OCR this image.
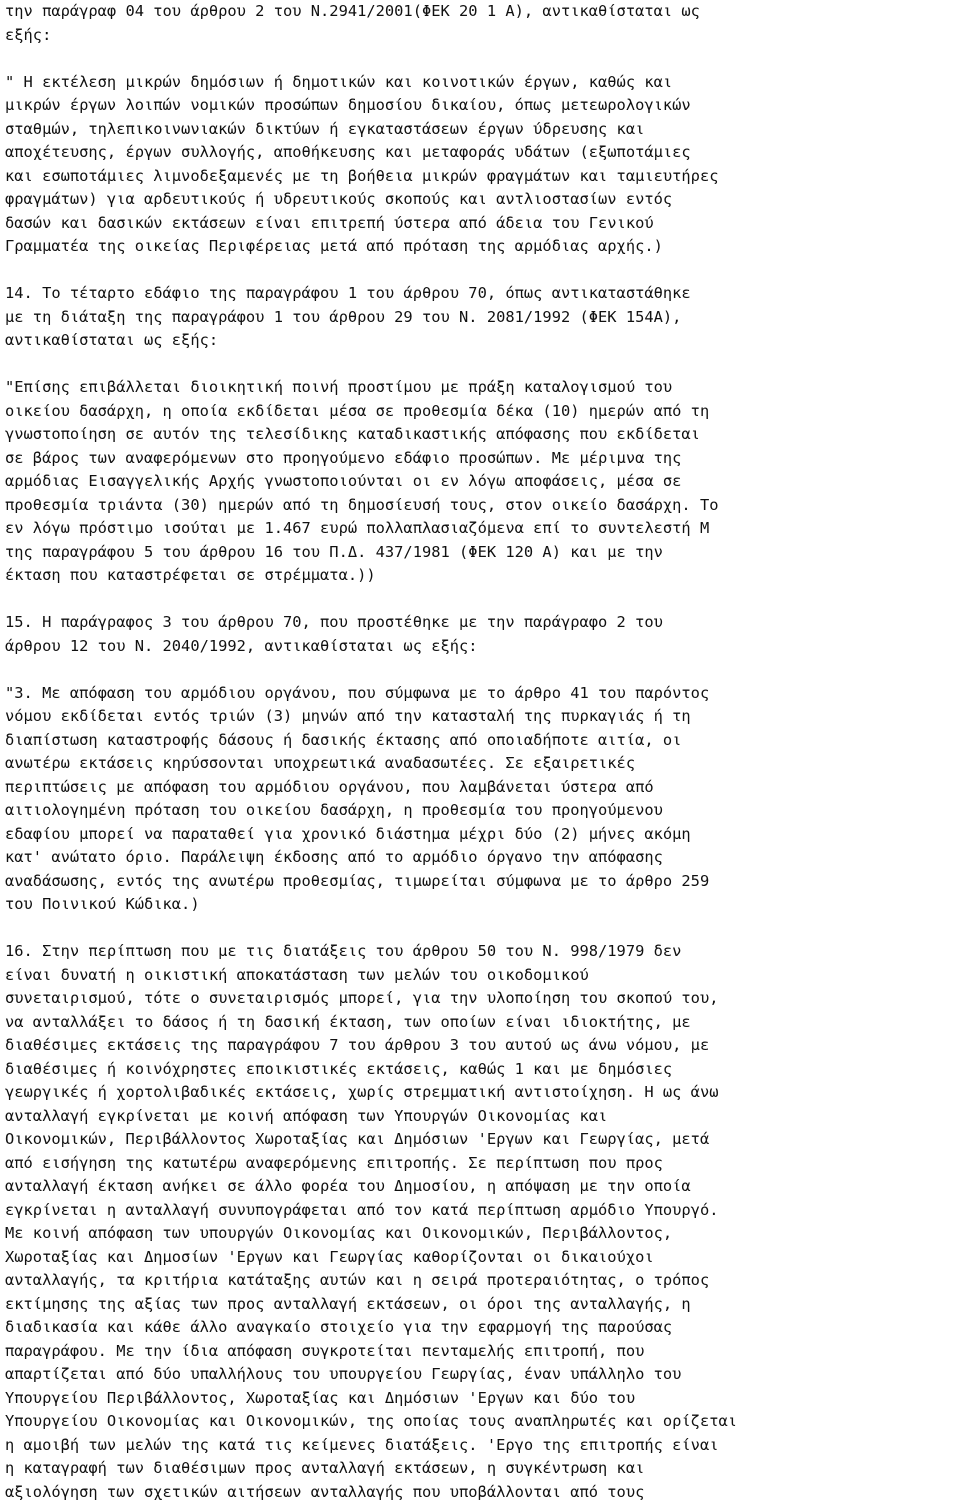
την παράγραφ 04 του άρθρου 2 του Ν.2941/2001(ΦΕΚ 20 1 Α), αντικαθίσταται ως
εξής:
" Η εκτέλεση μικρών δημόσιων ή δημοτικών και κοινοτικών έργων, καθώς και
μικρών έργων λοιπών νομικών προσώπων δημοσίου δικαίου, όπως μετεωρολογικών
σταθμών, τηλεπικοινωνιακών δικτύων ή εγκαταστάσεων έργων ύδρευσης και
αποχέτευσης, έργων συλλογής, αποθήκευσης και μεταφοράς υδάτων (εξωποτάμιες
και εσωποτάμιες λιμνοδεξαμενές με τη βοήθεια μικρών φραγμάτων και ταμιευτήρες
φραγμάτων) για αρδευτικούς ή υδρευτικούς σκοπούς και αντλιοστασίων εντός
δασών και δασικών εκτάσεων είναι επιτρεπή ύστερα από άδεια του Γενικού
Γραμματέα της οικείας Περιφέρειας μετά από πρόταση της αρμόδιας αρχής.)
14. Το τέταρτο εδάφιο της παραγράφου 1 του άρθρου 70, όπως αντικαταστάθηκε
με τη διάταξη της παραγράφου 1 του άρθρου 29 του Ν. 2081/1992 (ΦΕΚ 154Α),
αντικαθίσταται ως εξής:
"Επίσης επιβάλλεται διοικητική ποινή προστίμου με πράξη καταλογισμού του
οικείου δασάρχη, η οποία εκδίδεται μέσα σε προθεσμία δέκα (10) ημερών από τη
γνωστοποίηση σε αυτόν της τελεσίδικης καταδικαστικής απόφασης που εκδίδεται
σε βάρος των αναφερόμενων στο προηγούμενο εδάφιο προσώπων. Με μέριμνα της
αρμόδιας Εισαγγελικής Αρχής γνωστοποιούνται οι εν λόγω αποφάσεις, μέσα σε
προθεσμία τριάντα (30) ημερών από τη δημοσίευσή τους, στον οικείο δασάρχη. Το
εν λόγω πρόστιμο ισούται με 1.467 ευρώ πολλαπλασιαζόμενα επί το συντελεστή Μ
της παραγράφου 5 του άρθρου 16 του Π.Δ. 437/1981 (ΦΕΚ 120 Α) και με την
έκταση που καταστρέφεται σε στρέμματα.))
15. Η παράγραφος 3 του άρθρου 70, που προστέθηκε με την παράγραφο 2 του
άρθρου 12 του Ν. 2040/1992, αντικαθίσταται ως εξής:
"3. Με απόφαση του αρμόδιου οργάνου, που σύμφωνα με το άρθρο 41 του παρόντος
νόμου εκδίδεται εντός τριών (3) μηνών από την κατασταλή της πυρκαγιάς ή τη
διαπίστωση καταστροφής δάσους ή δασικής έκτασης από οποιαδήποτε αιτία, οι
ανωτέρω εκτάσεις κηρύσσονται υποχρεωτικά αναδασωτέες. Σε εξαιρετικές
περιπτώσεις με απόφαση του αρμόδιου οργάνου, που λαμβάνεται ύστερα από
αιτιολογημένη πρόταση του οικείου δασάρχη, η προθεσμία του προηγούμενου
εδαφίου μπορεί να παραταθεί για χρονικό διάστημα μέχρι δύο (2) μήνες ακόμη
κατ' ανώτατο όριο. Παράλειψη έκδοσης από το αρμόδιο όργανο την απόφασης
αναδάσωσης, εντός της ανωτέρω προθεσμίας, τιμωρείται σύμφωνα με το άρθρο 259
του Ποινικού Κώδικα.)
16. Στην περίπτωση που με τις διατάξεις του άρθρου 50 του Ν. 998/1979 δεν
είναι δυνατή η οικιστική αποκατάσταση των μελών του οικοδομικού
συνεταιρισμού, τότε ο συνεταιρισμός μπορεί, για την υλοποίηση του σκοπού του,
να ανταλλάξει το δάσος ή τη δασική έκταση, των οποίων είναι ιδιοκτήτης, με
διαθέσιμες εκτάσεις της παραγράφου 7 του άρθρου 3 του αυτού ως άνω νόμου, με
διαθέσιμες ή κοινόχρηστες εποικιστικές εκτάσεις, καθώς 1 και με δημόσιες
γεωργικές ή χορτολιβαδικές εκτάσεις, χωρίς στρεμματική αντιστοίχηση. Η ως άνω
ανταλλαγή εγκρίνεται με κοινή απόφαση των Υπουργών Οικονομίας και
Οικονομικών, Περιβάλλοντος Χωροταξίας και Δημόσιων 'Εργων και Γεωργίας, μετά
από εισήγηση της κατωτέρω αναφερόμενης επιτροπής. Σε περίπτωση που προς
ανταλλαγή έκταση ανήκει σε άλλο φορέα του Δημοσίου, η απόψαση με την οποία
εγκρίνεται η ανταλλαγή συνυπογράφεται από τον κατά περίπτωση αρμόδιο Υπουργό.
Με κοινή απόφαση των υπουργών Οικονομίας και Οικονομικών, Περιβάλλοντος,
Χωροταξίας και Δημοσίων 'Εργων και Γεωργίας καθορίζονται οι δικαιούχοι
ανταλλαγής, τα κριτήρια κατάταξης αυτών και η σειρά προτεραιότητας, ο τρόπος
εκτίμησης της αξίας των προς ανταλλαγή εκτάσεων, οι όροι της ανταλλαγής, η
διαδικασία και κάθε άλλο αναγκαίο στοιχείο για την εφαρμογή της παρούσας
παραγράφου. Με την ίδια απόφαση συγκροτείται πενταμελής επιτροπή, που
απαρτίζεται από δύο υπαλλήλους του υπουργείου Γεωργίας, έναν υπάλληλο του
Υπουργείου Περιβάλλοντος, Χωροταξίας και Δημόσιων 'Εργων και δύο του
Υπουργείου Οικονομίας και Οικονομικών, της οποίας τους αναπληρωτές και ορίζεται
η αμοιβή των μελών της κατά τις κείμενες διατάξεις. 'Εργο της επιτροπής είναι
η καταγραφή των διαθέσιμων προς ανταλλαγή εκτάσεων, η συγκέντρωση και
αξιολόγηση των σχετικών αιτήσεων ανταλλαγής που υποβάλλονται από τους
